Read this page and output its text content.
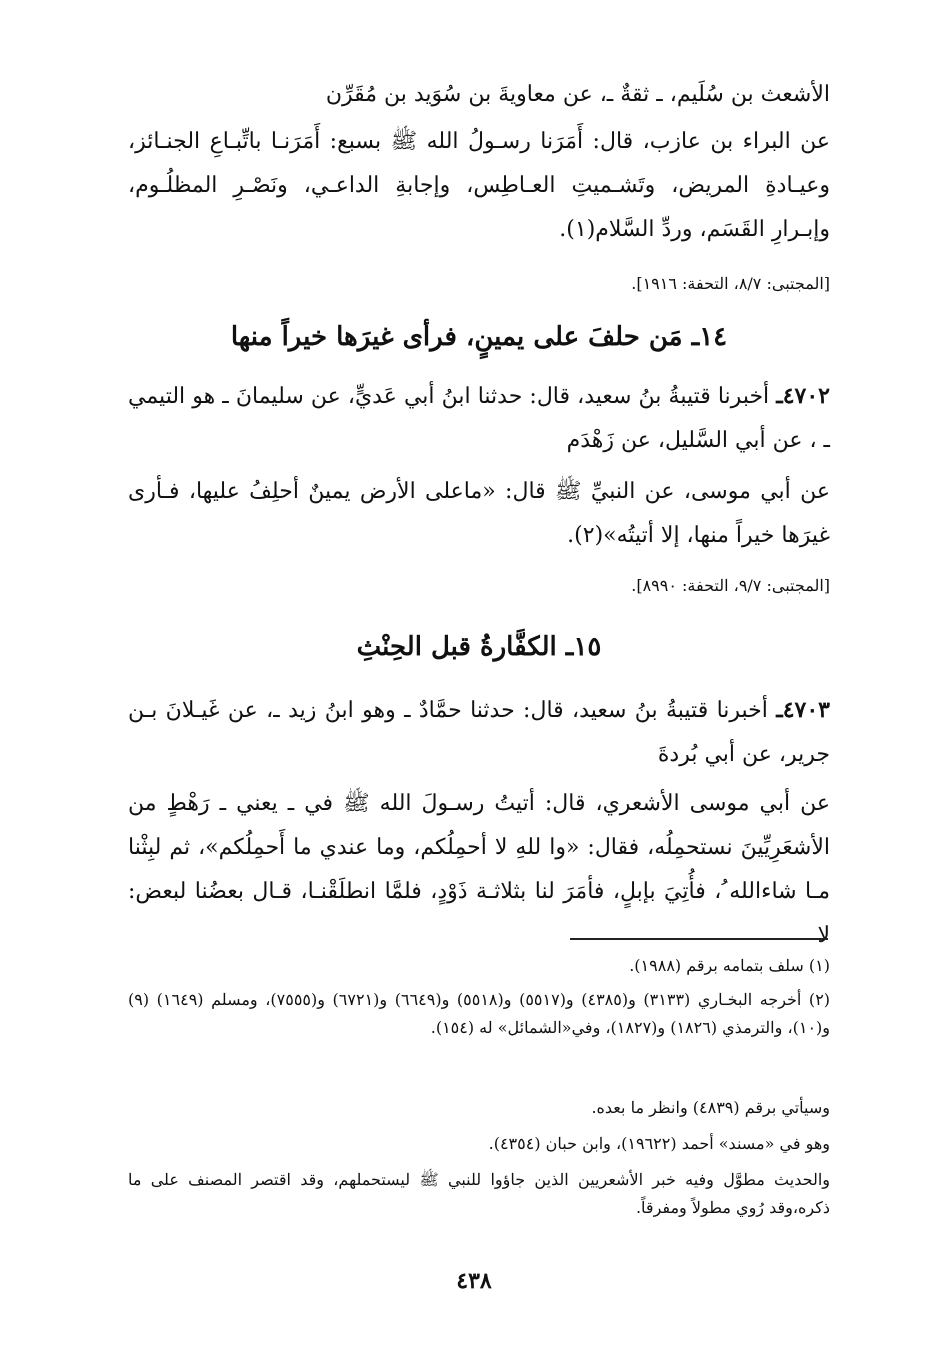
الأشعث بن سُلَيم، ـ ثقةٌ ـ، عن معاويةَ بن سُوَيد بن مُقَرِّن
عن البراء بن عازب، قال: أَمَرَنا رسـولُ الله ﷺ بسبع: أَمَرَنـا باتِّبـاعِ الجنـائز، وعيـادةِ المريض، وتَشـميتِ العـاطِس، وإجابةِ الداعـي، ونَصْـرِ المظلُـوم، وإبـرارِ القَسَم، وردِّ السَّلام(١).
[المجتبى: ٨/٧، التحفة: ١٩١٦].
١٤ـ مَن حلفَ على يمينٍ، فرأى غيرَها خيراً منها
٤٧٠٢ـ أخبرنا قتيبةُ بنُ سعيد، قال: حدثنا ابنُ أبي عَديٍّ، عن سليمانَ ـ هو التيمي ـ ، عن أبي السَّليل، عن زَهْدَم
عن أبي موسى، عن النبيِّ ﷺ قال: «ماعلى الأرض يمينٌ أحلِفُ عليها، فـأرى غيرَها خيراً منها، إلا أتيتُه»(٢).
[المجتبى: ٩/٧، التحفة: ٨٩٩٠].
١٥ـ الكفَّارةُ قبل الحِنْثِ
٤٧٠٣ـ أخبرنا قتيبةُ بنُ سعيد، قال: حدثنا حمَّادٌ ـ وهو ابنُ زيد ـ، عن غَيـلانَ بـن جرير، عن أبي بُردةَ
عن أبي موسى الأشعري، قال: أتيتُ رسـولَ الله ﷺ في ـ يعني ـ رَهْطٍ من الأشعَرِيِّينَ نستحمِلُه، فقال: «وا للهِ لا أحمِلُكم، وما عندي ما أَحمِلُكم»، ثم لبِثْنا مـا شاءالله ُ، فأُتِيَ بإبلٍ، فأمَرَ لنا بثلاثـة ذَوْدٍ، فلمَّا انطلَقْنـا، قـال بعضُنا لبعض: لا
(١) سلف بتمامه برقم (١٩٨٨).
(٢) أخرجه البخـاري (٣١٣٣) و(٤٣٨٥) و(٥٥١٧) و(٥٥١٨) و(٦٦٤٩) و(٦٧٢١) و(٧٥٥٥)، ومسلم (١٦٤٩) (٩) و(١٠)، والترمذي (١٨٢٦) و(١٨٢٧)، وفي«الشمائل» له (١٥٤).
وسيأتي برقم (٤٨٣٩) وانظر ما بعده.
وهو في «مسند» أحمد (١٩٦٢٢)، وابن حبان (٤٣٥٤).
والحديث مطوَّل وفيه خبر الأشعريين الذين جاؤوا للنبي ﷺ ليستحملهم، وقد اقتصر المصنف على ما ذكره،وقد رُوي مطولاً ومفرقاً.
٤٣٨
